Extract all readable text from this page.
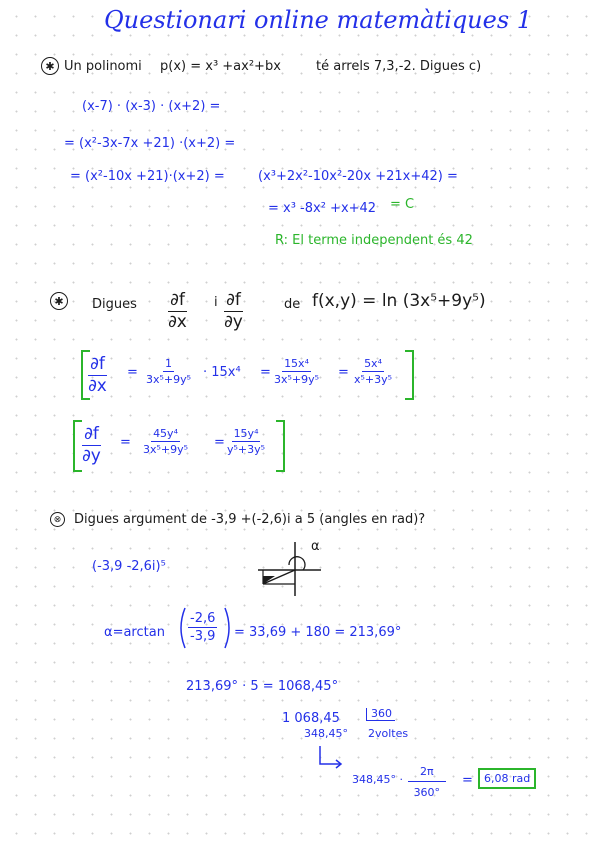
Questionari online matemàtiques 1
✱ Un polinomi p(x) = x³ +ax²+bx	té arrels 7,3,-2. Digues c)
(x-7) · (x-3) · (x+2) =
= (x²-3x-7x +21) ·(x+2) =
= (x²-10x +21)·(x+2) =	(x³+2x²-10x²-20x +21x+42) =
= x³ -8x² +x+42 = C
R: El terme independent és 42
✱	Digues $\frac{\partial f}{\partial x}$ i $\frac{\partial f}{\partial y}$	de f(x,y) = ln (3x⁵+9y⁵)
$\frac{\partial f}{\partial x} = \frac{1}{\text{3x⁵+9y⁵}} \cdot 15x^4 = \frac{\text{15x⁴}}{\text{3x⁵+9y⁵}} = \frac{\text{5x⁴}}{\text{x⁵+3y⁵}}$
$\frac{\partial f}{\partial y} = \frac{\text{45y⁴}}{\text{3x⁵+9y⁵}} = \frac{\text{15y⁴}}{\text{y⁵+3y⁵}}$
⊗ Digues argument de -3,9 +(-2,6)i a 5 (angles en rad)?
(-3,9 -2,6i)⁵
α
$\alpha=\arctan \frac{-2,6}{-3,9} = 33,69 + 180 = 213,69^\circ$
213,69° · 5 = 1068,45°
1 068,45	360
348,45° 2voltes
$348,45^\circ \cdot \frac{2\pi}{360^\circ}$ =	6,08 rad
